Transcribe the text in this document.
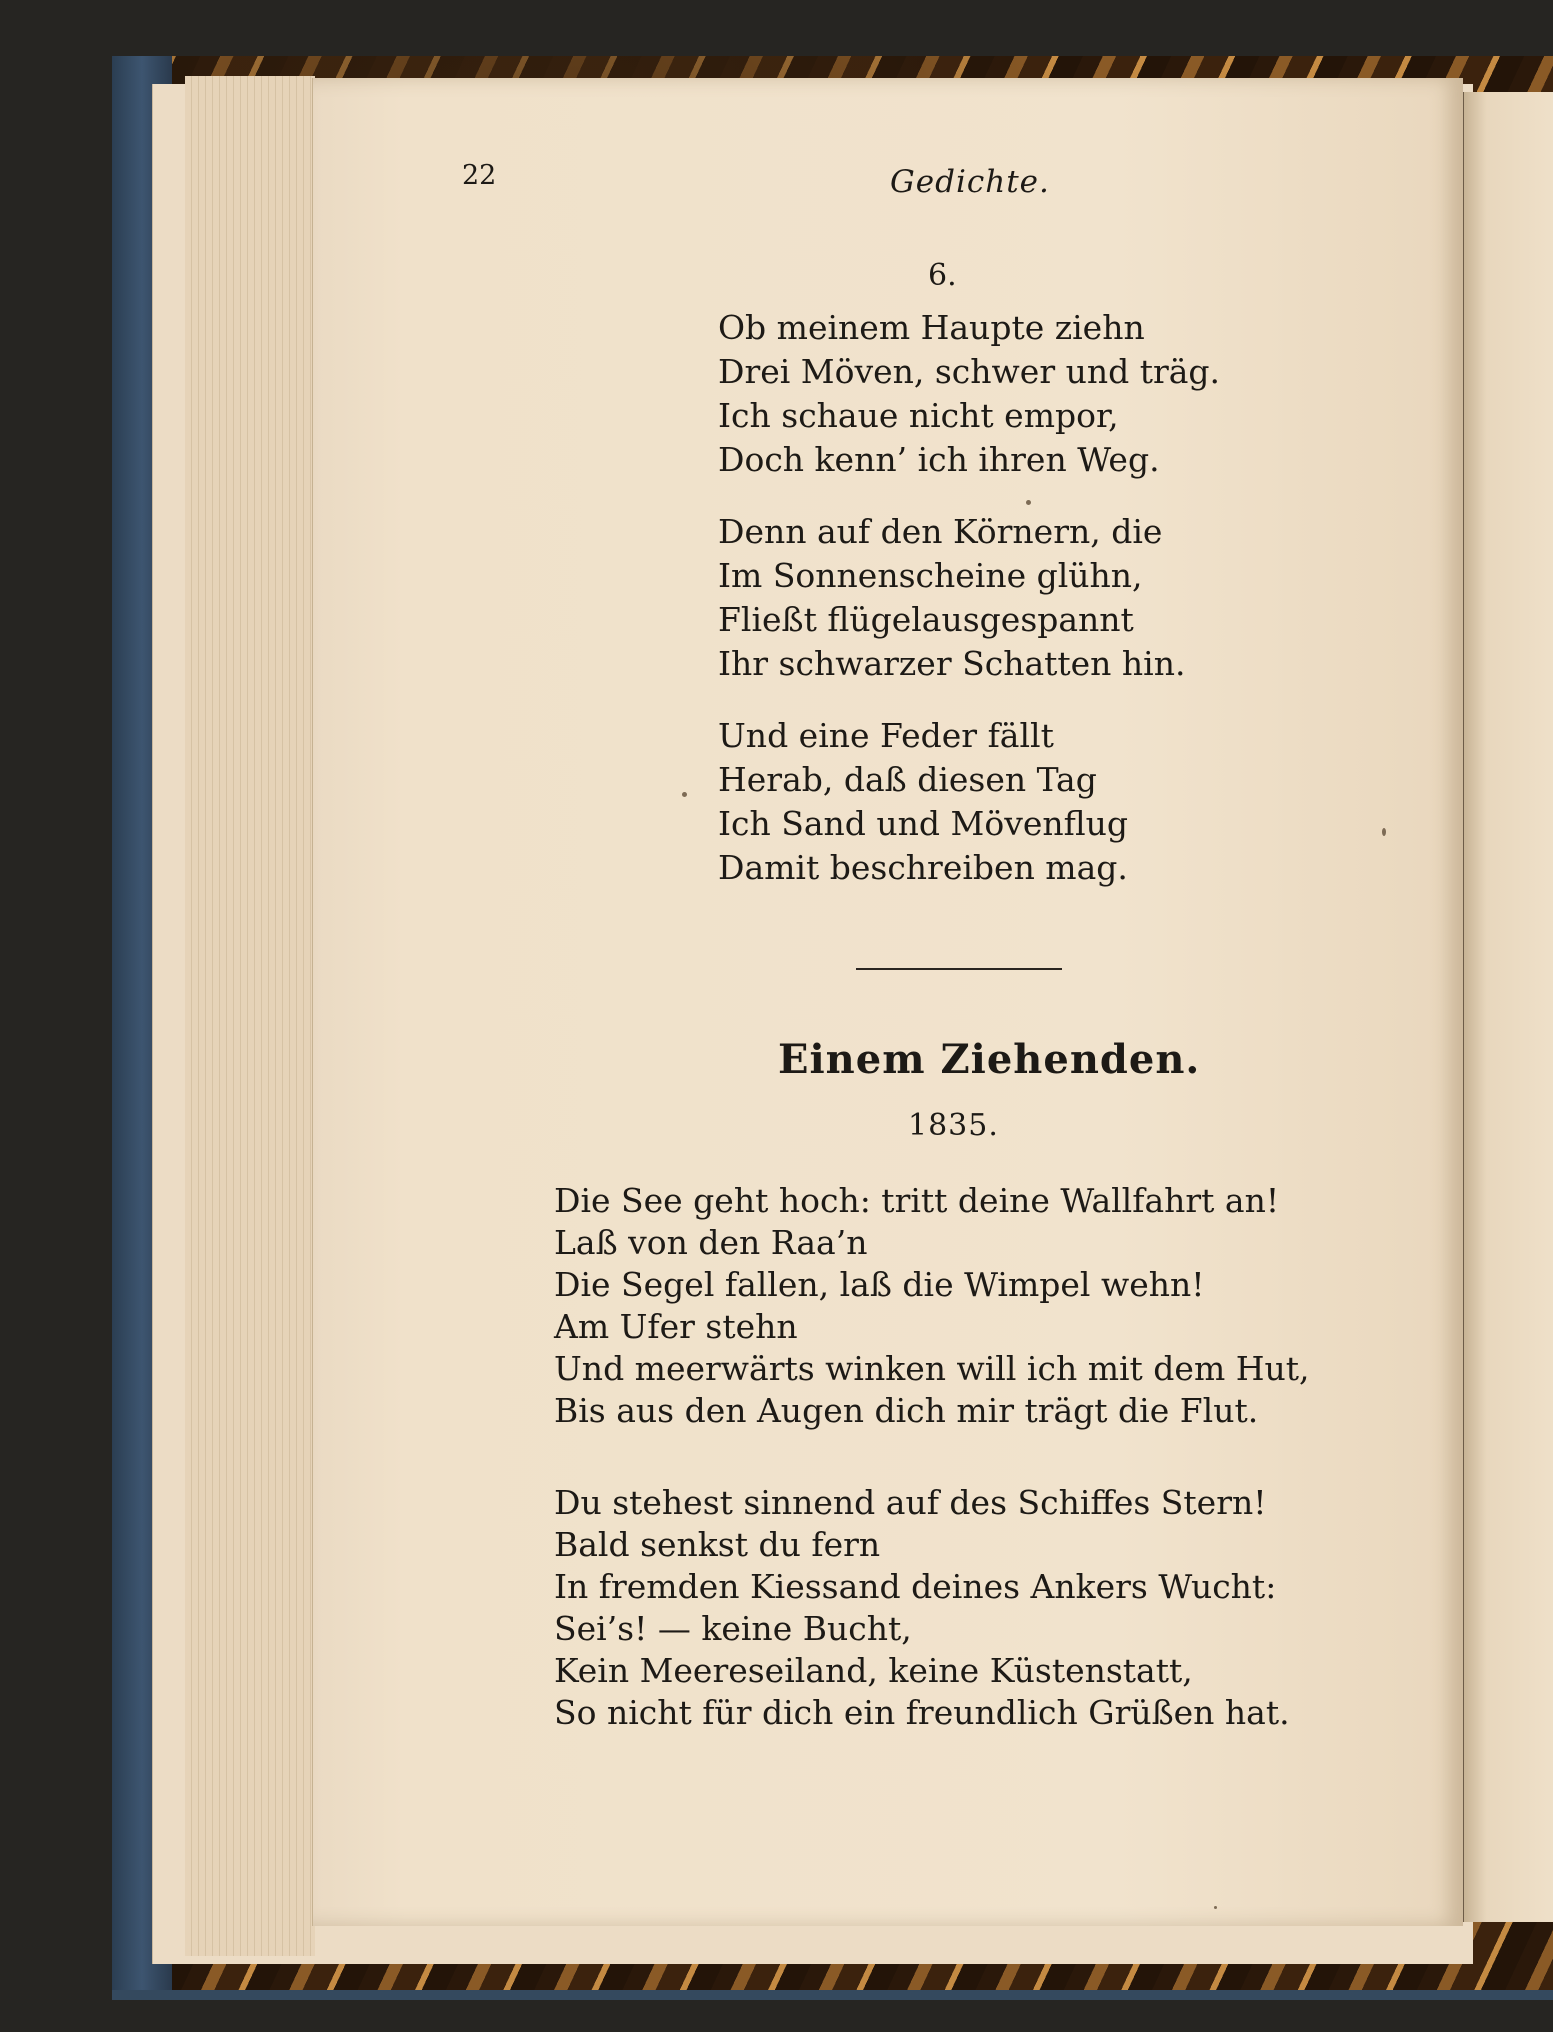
22	Gedichte.
6.
Ob meinem Haupte ziehn
Drei Möven, schwer und träg.
Ich schaue nicht empor,
Doch kenn’ ich ihren Weg.
Denn auf den Körnern, die
Im Sonnenscheine glühn,
Fließt flügelausgespannt
Ihr schwarzer Schatten hin.
Und eine Feder fällt
Herab, daß diesen Tag
Ich Sand und Mövenflug
Damit beschreiben mag.
Einem Ziehenden.
1835.
Die See geht hoch: tritt deine Wallfahrt an!
Laß von den Raa’n
Die Segel fallen, laß die Wimpel wehn!
Am Ufer stehn
Und meerwärts winken will ich mit dem Hut,
Bis aus den Augen dich mir trägt die Flut.
Du stehest sinnend auf des Schiffes Stern!
Bald senkst du fern
In fremden Kiessand deines Ankers Wucht:
Sei’s! — keine Bucht,
Kein Meereseiland, keine Küstenstatt,
So nicht für dich ein freundlich Grüßen hat.
